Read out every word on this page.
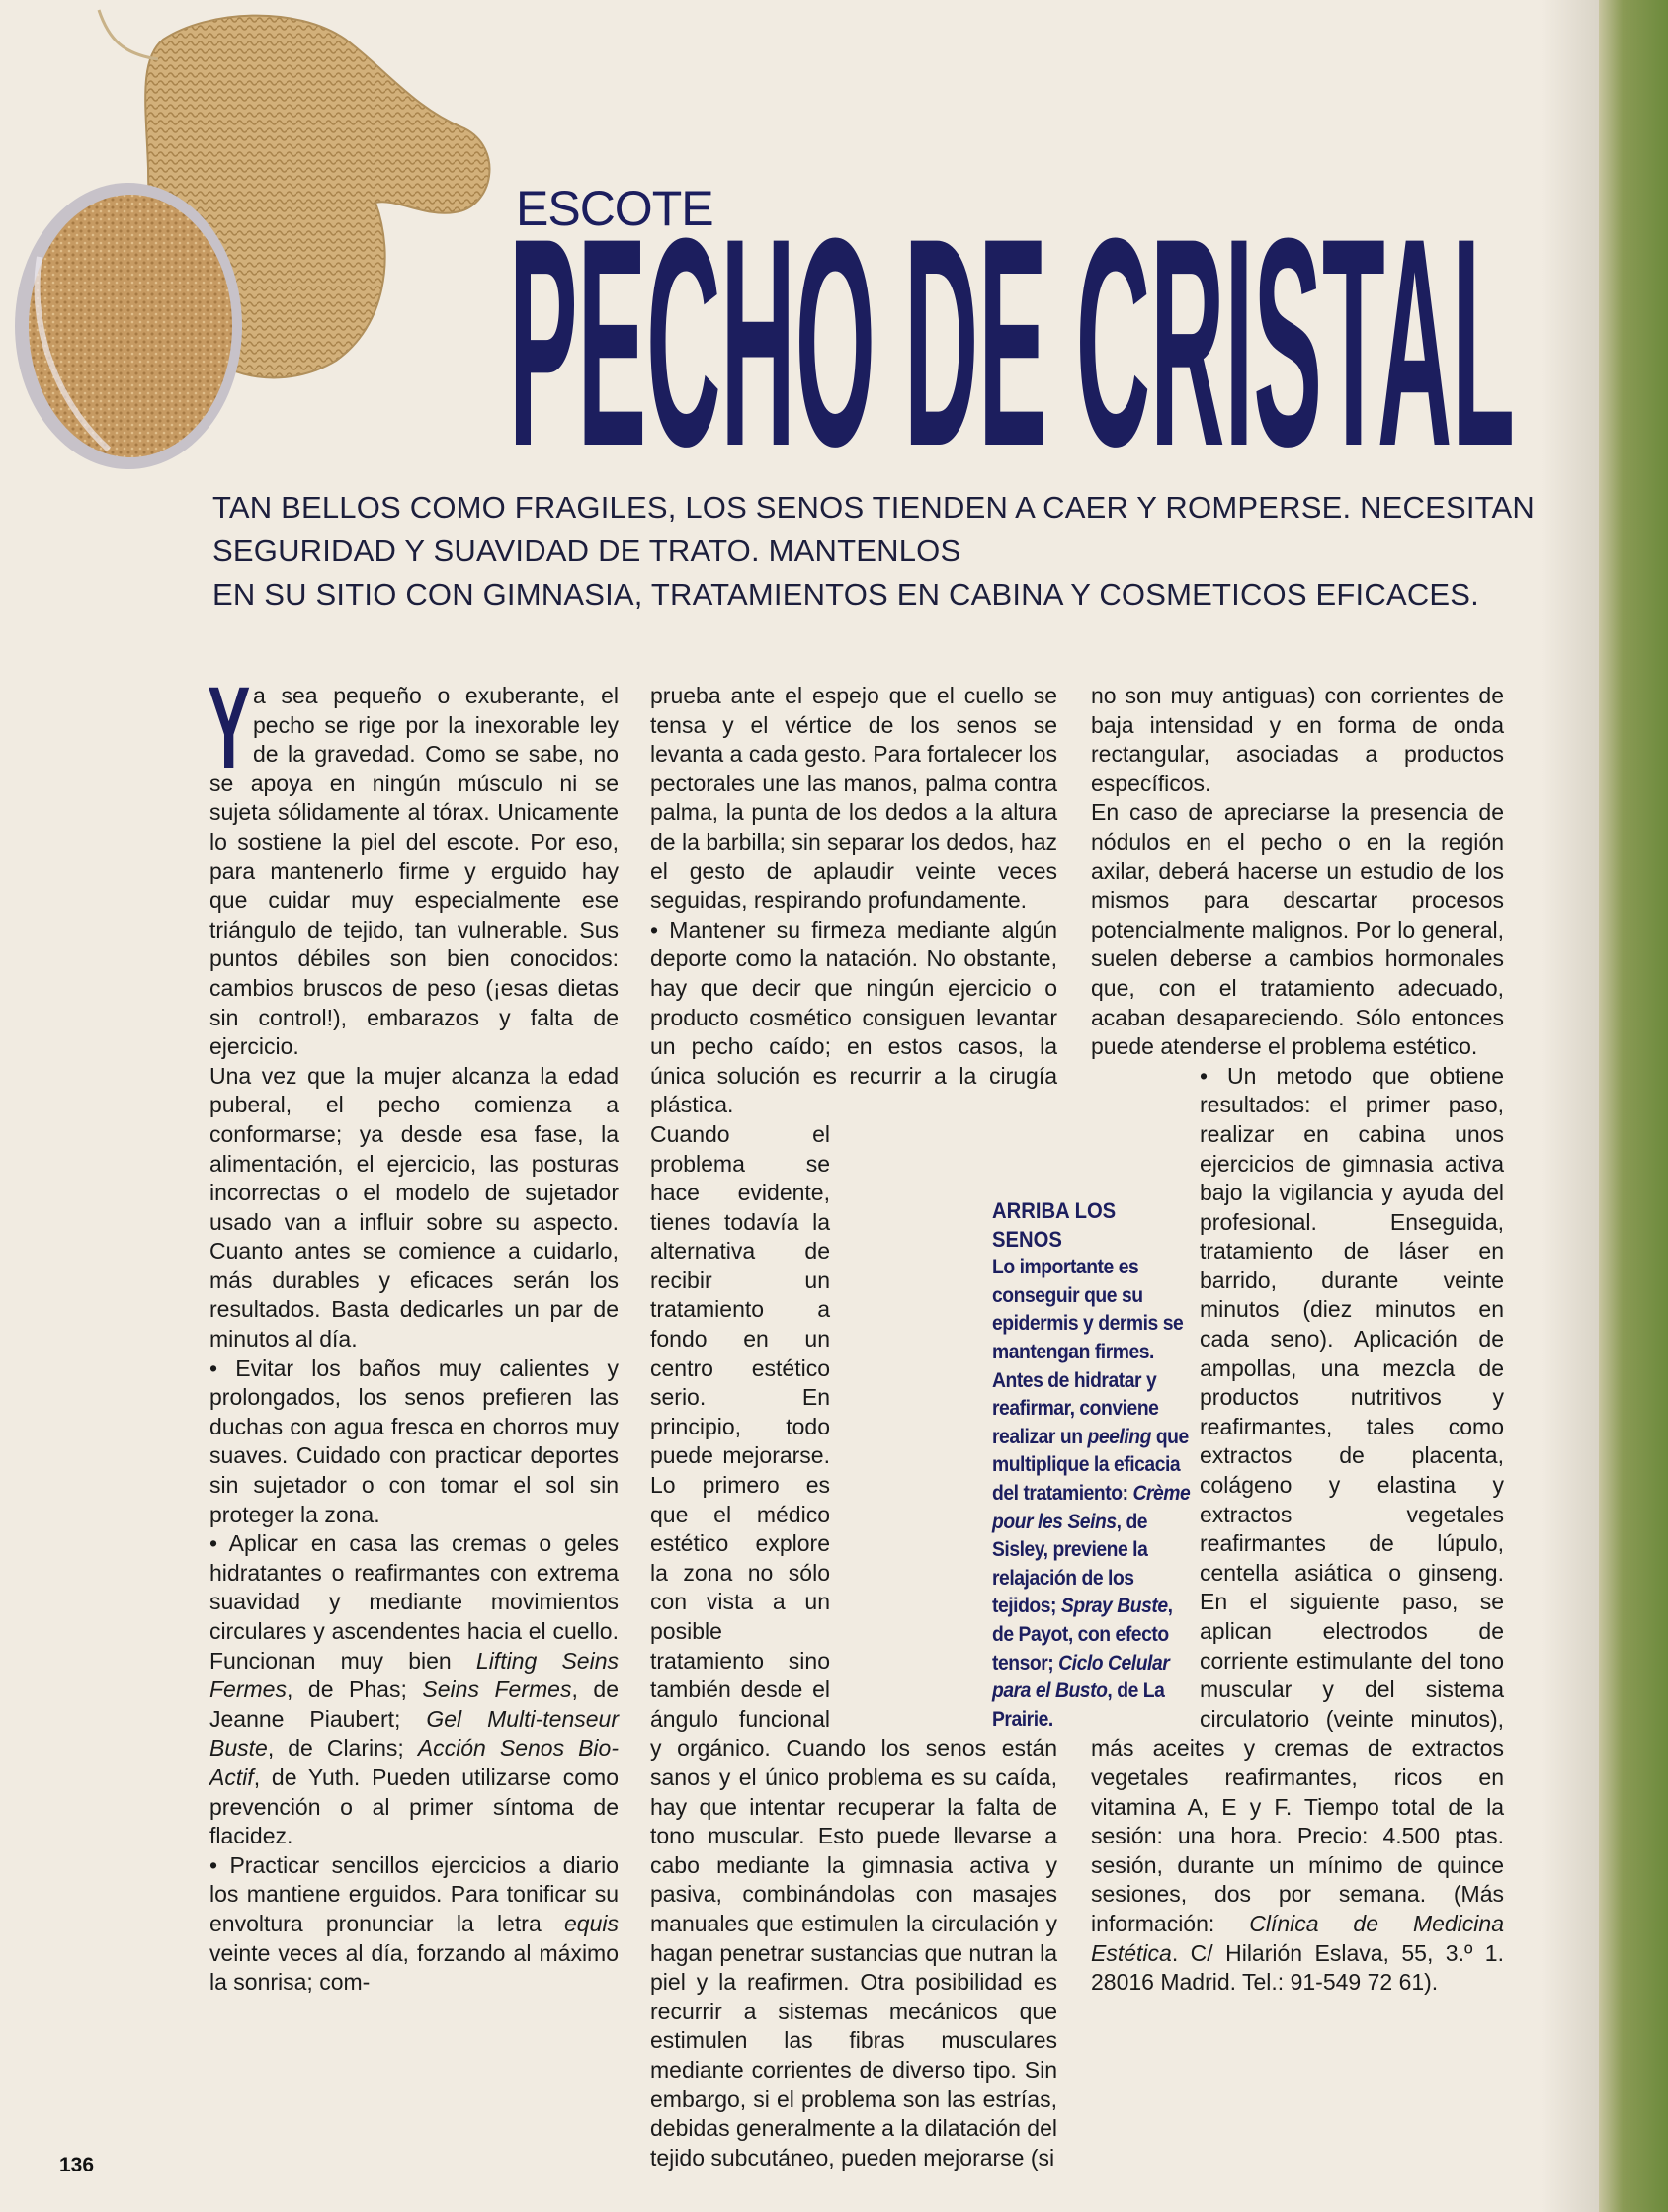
ESCOTE
PECHO DE CRISTAL
TAN BELLOS COMO FRAGILES, LOS SENOS TIENDEN A CAER Y ROMPERSE. NECESITAN
SEGURIDAD Y SUAVIDAD DE TRATO. MANTENLOS
EN SU SITIO CON GIMNASIA, TRATAMIENTOS EN CABINA Y COSMETICOS EFICACES.

Ya sea pequeño o exuberante, el pecho se rige por la inexorable ley de la gravedad. Como se sabe, no se apoya en ningún músculo ni se sujeta sólidamente al tórax. Unicamente lo sostiene la piel del escote. Por eso, para mantenerlo firme y erguido hay que cuidar muy especialmente ese triángulo de tejido, tan vulnerable. Sus puntos débiles son bien conocidos: cambios bruscos de peso (¡esas dietas sin control!), embarazos y falta de ejercicio.

Una vez que la mujer alcanza la edad puberal, el pecho comienza a conformarse; ya desde esa fase, la alimentación, el ejercicio, las posturas incorrectas o el modelo de sujetador usado van a influir sobre su aspecto. Cuanto antes se comience a cuidarlo, más durables y eficaces serán los resultados. Basta dedicarles un par de minutos al día.

• Evitar los baños muy calientes y prolongados, los senos prefieren las duchas con agua fresca en chorros muy suaves. Cuidado con practicar deportes sin sujetador o con tomar el sol sin proteger la zona.

• Aplicar en casa las cremas o geles hidratantes o reafirmantes con extrema suavidad y mediante movimientos circulares y ascendentes hacia el cuello. Funcionan muy bien Lifting Seins Fermes, de Phas; Seins Fermes, de Jeanne Piaubert; Gel Multi-tenseur Buste, de Clarins; Acción Senos Bio-Actif, de Yuth. Pueden utilizarse como prevención o al primer síntoma de flacidez.

• Practicar sencillos ejercicios a diario los mantiene erguidos. Para tonificar su envoltura pronunciar la letra equis veinte veces al día, forzando al máximo la sonrisa; com-

prueba ante el espejo que el cuello se tensa y el vértice de los senos se levanta a cada gesto. Para fortalecer los pectorales une las manos, palma contra palma, la punta de los dedos a la altura de la barbilla; sin separar los dedos, haz el gesto de aplaudir veinte veces seguidas, respirando profundamente.

• Mantener su firmeza mediante algún deporte como la natación. No obstante, hay que decir que ningún ejercicio o producto cosmético consiguen levantar un pecho caído; en estos casos, la única solución es recurrir a la cirugía plástica.

Cuando el problema se hace evidente, tienes todavía la alternativa de recibir un tratamiento a fondo en un centro estético serio. En principio, todo puede mejorarse. Lo primero es que el médico estético explore la zona no sólo con vista a un posible tratamiento sino también desde el ángulo funcional y orgánico. Cuando los senos están sanos y el único problema es su caída, hay que intentar recuperar la falta de tono muscular. Esto puede llevarse a cabo mediante la gimnasia activa y pasiva, combinándolas con masajes manuales que estimulen la circulación y hagan penetrar sustancias que nutran la piel y la reafirmen. Otra posibilidad es recurrir a sistemas mecánicos que estimulen las fibras musculares mediante corrientes de diverso tipo. Sin embargo, si el problema son las estrías, debidas generalmente a la dilatación del tejido subcutáneo, pueden mejorarse (si

no son muy antiguas) con corrientes de baja intensidad y en forma de onda rectangular, asociadas a productos específicos.

En caso de apreciarse la presencia de nódulos en el pecho o en la región axilar, deberá hacerse un estudio de los mismos para descartar procesos potencialmente malignos. Por lo general, suelen deberse a cambios hormonales que, con el tratamiento adecuado, acaban desapareciendo. Sólo entonces puede atenderse el problema estético.

• Un metodo que obtiene resultados: el primer paso, realizar en cabina unos ejercicios de gimnasia activa bajo la vigilancia y ayuda del profesional. Enseguida, tratamiento de láser en barrido, durante veinte minutos (diez minutos en cada seno). Aplicación de ampollas, una mezcla de productos nutritivos y reafirmantes, tales como extractos de placenta, colágeno y elastina y extractos vegetales reafirmantes de lúpulo, centella asiática o ginseng. En el siguiente paso, se aplican electrodos de corriente estimulante del tono muscular y del sistema circulatorio (veinte minutos), más aceites y cremas de extractos vegetales reafirmantes, ricos en vitamina A, E y F. Tiempo total de la sesión: una hora. Precio: 4.500 ptas. sesión, durante un mínimo de quince sesiones, dos por semana. (Más información: Clínica de Medicina Estética. C/ Hilarión Eslava, 55, 3.º 1. 28016 Madrid. Tel.: 91-549 72 61).

ARRIBA LOS SENOS
Lo importante es conseguir que su epidermis y dermis se mantengan firmes. Antes de hidratar y reafirmar, conviene realizar un peeling que multiplique la eficacia del tratamiento: Crème pour les Seins, de Sisley, previene la relajación de los tejidos; Spray Buste, de Payot, con efecto tensor; Ciclo Celular para el Busto, de La Prairie.
136
